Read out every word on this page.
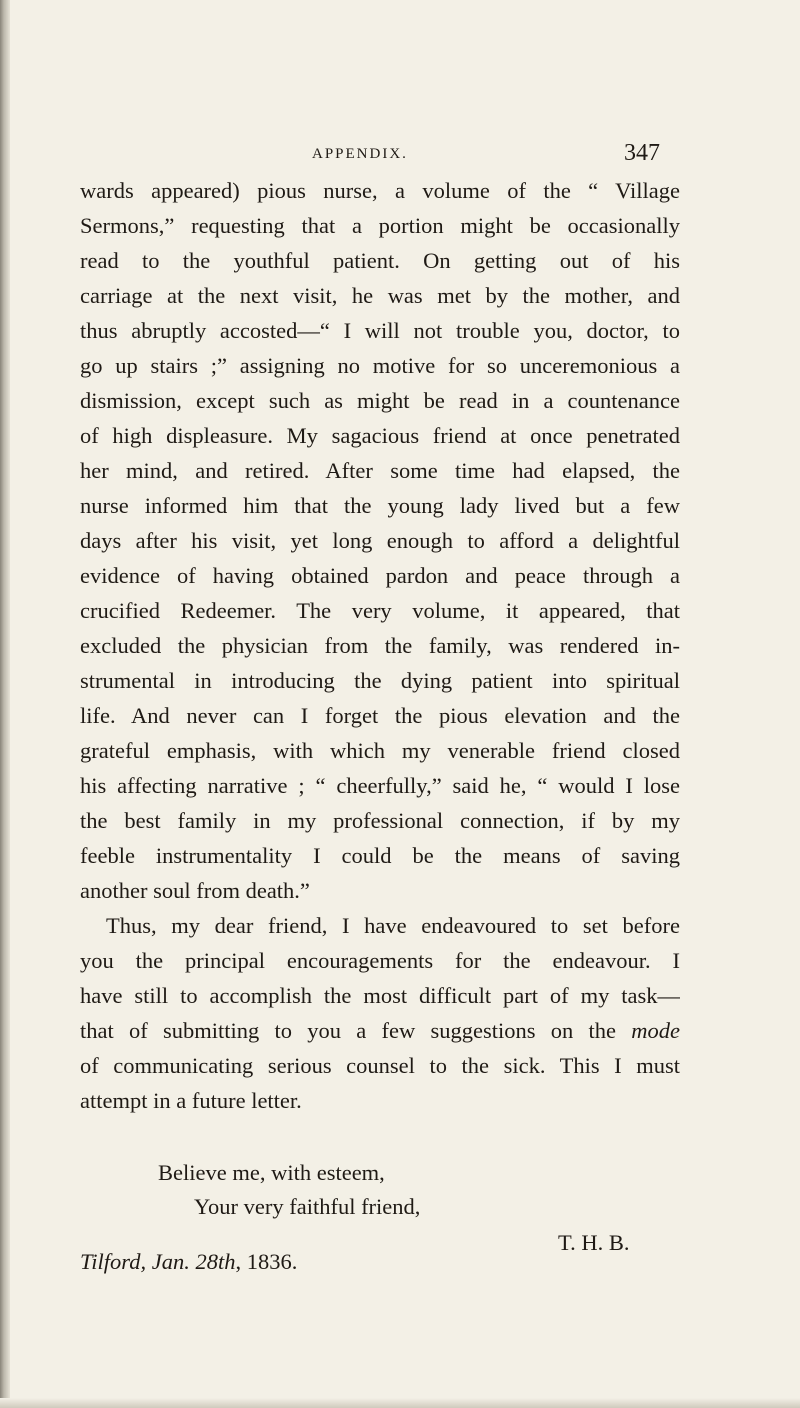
APPENDIX.	347
wards appeared) pious nurse, a volume of the “ Village
Sermons,” requesting that a portion might be occasionally
read to the youthful patient. On getting out of his
carriage at the next visit, he was met by the mother, and
thus abruptly accosted—“ I will not trouble you, doctor, to
go up stairs ;” assigning no motive for so unceremonious a
dismission, except such as might be read in a countenance
of high displeasure. My sagacious friend at once penetrated
her mind, and retired. After some time had elapsed, the
nurse informed him that the young lady lived but a few
days after his visit, yet long enough to afford a delightful
evidence of having obtained pardon and peace through a
crucified Redeemer. The very volume, it appeared, that
excluded the physician from the family, was rendered in-
strumental in introducing the dying patient into spiritual
life. And never can I forget the pious elevation and the
grateful emphasis, with which my venerable friend closed
his affecting narrative ; “ cheerfully,” said he, “ would I lose
the best family in my professional connection, if by my
feeble instrumentality I could be the means of saving
another soul from death.”
Thus, my dear friend, I have endeavoured to set before
you the principal encouragements for the endeavour. I
have still to accomplish the most difficult part of my task—
that of submitting to you a few suggestions on the mode
of communicating serious counsel to the sick. This I must
attempt in a future letter.
Believe me, with esteem,
Your very faithful friend,
T. H. B.
Tilford, Jan. 28th, 1836.
